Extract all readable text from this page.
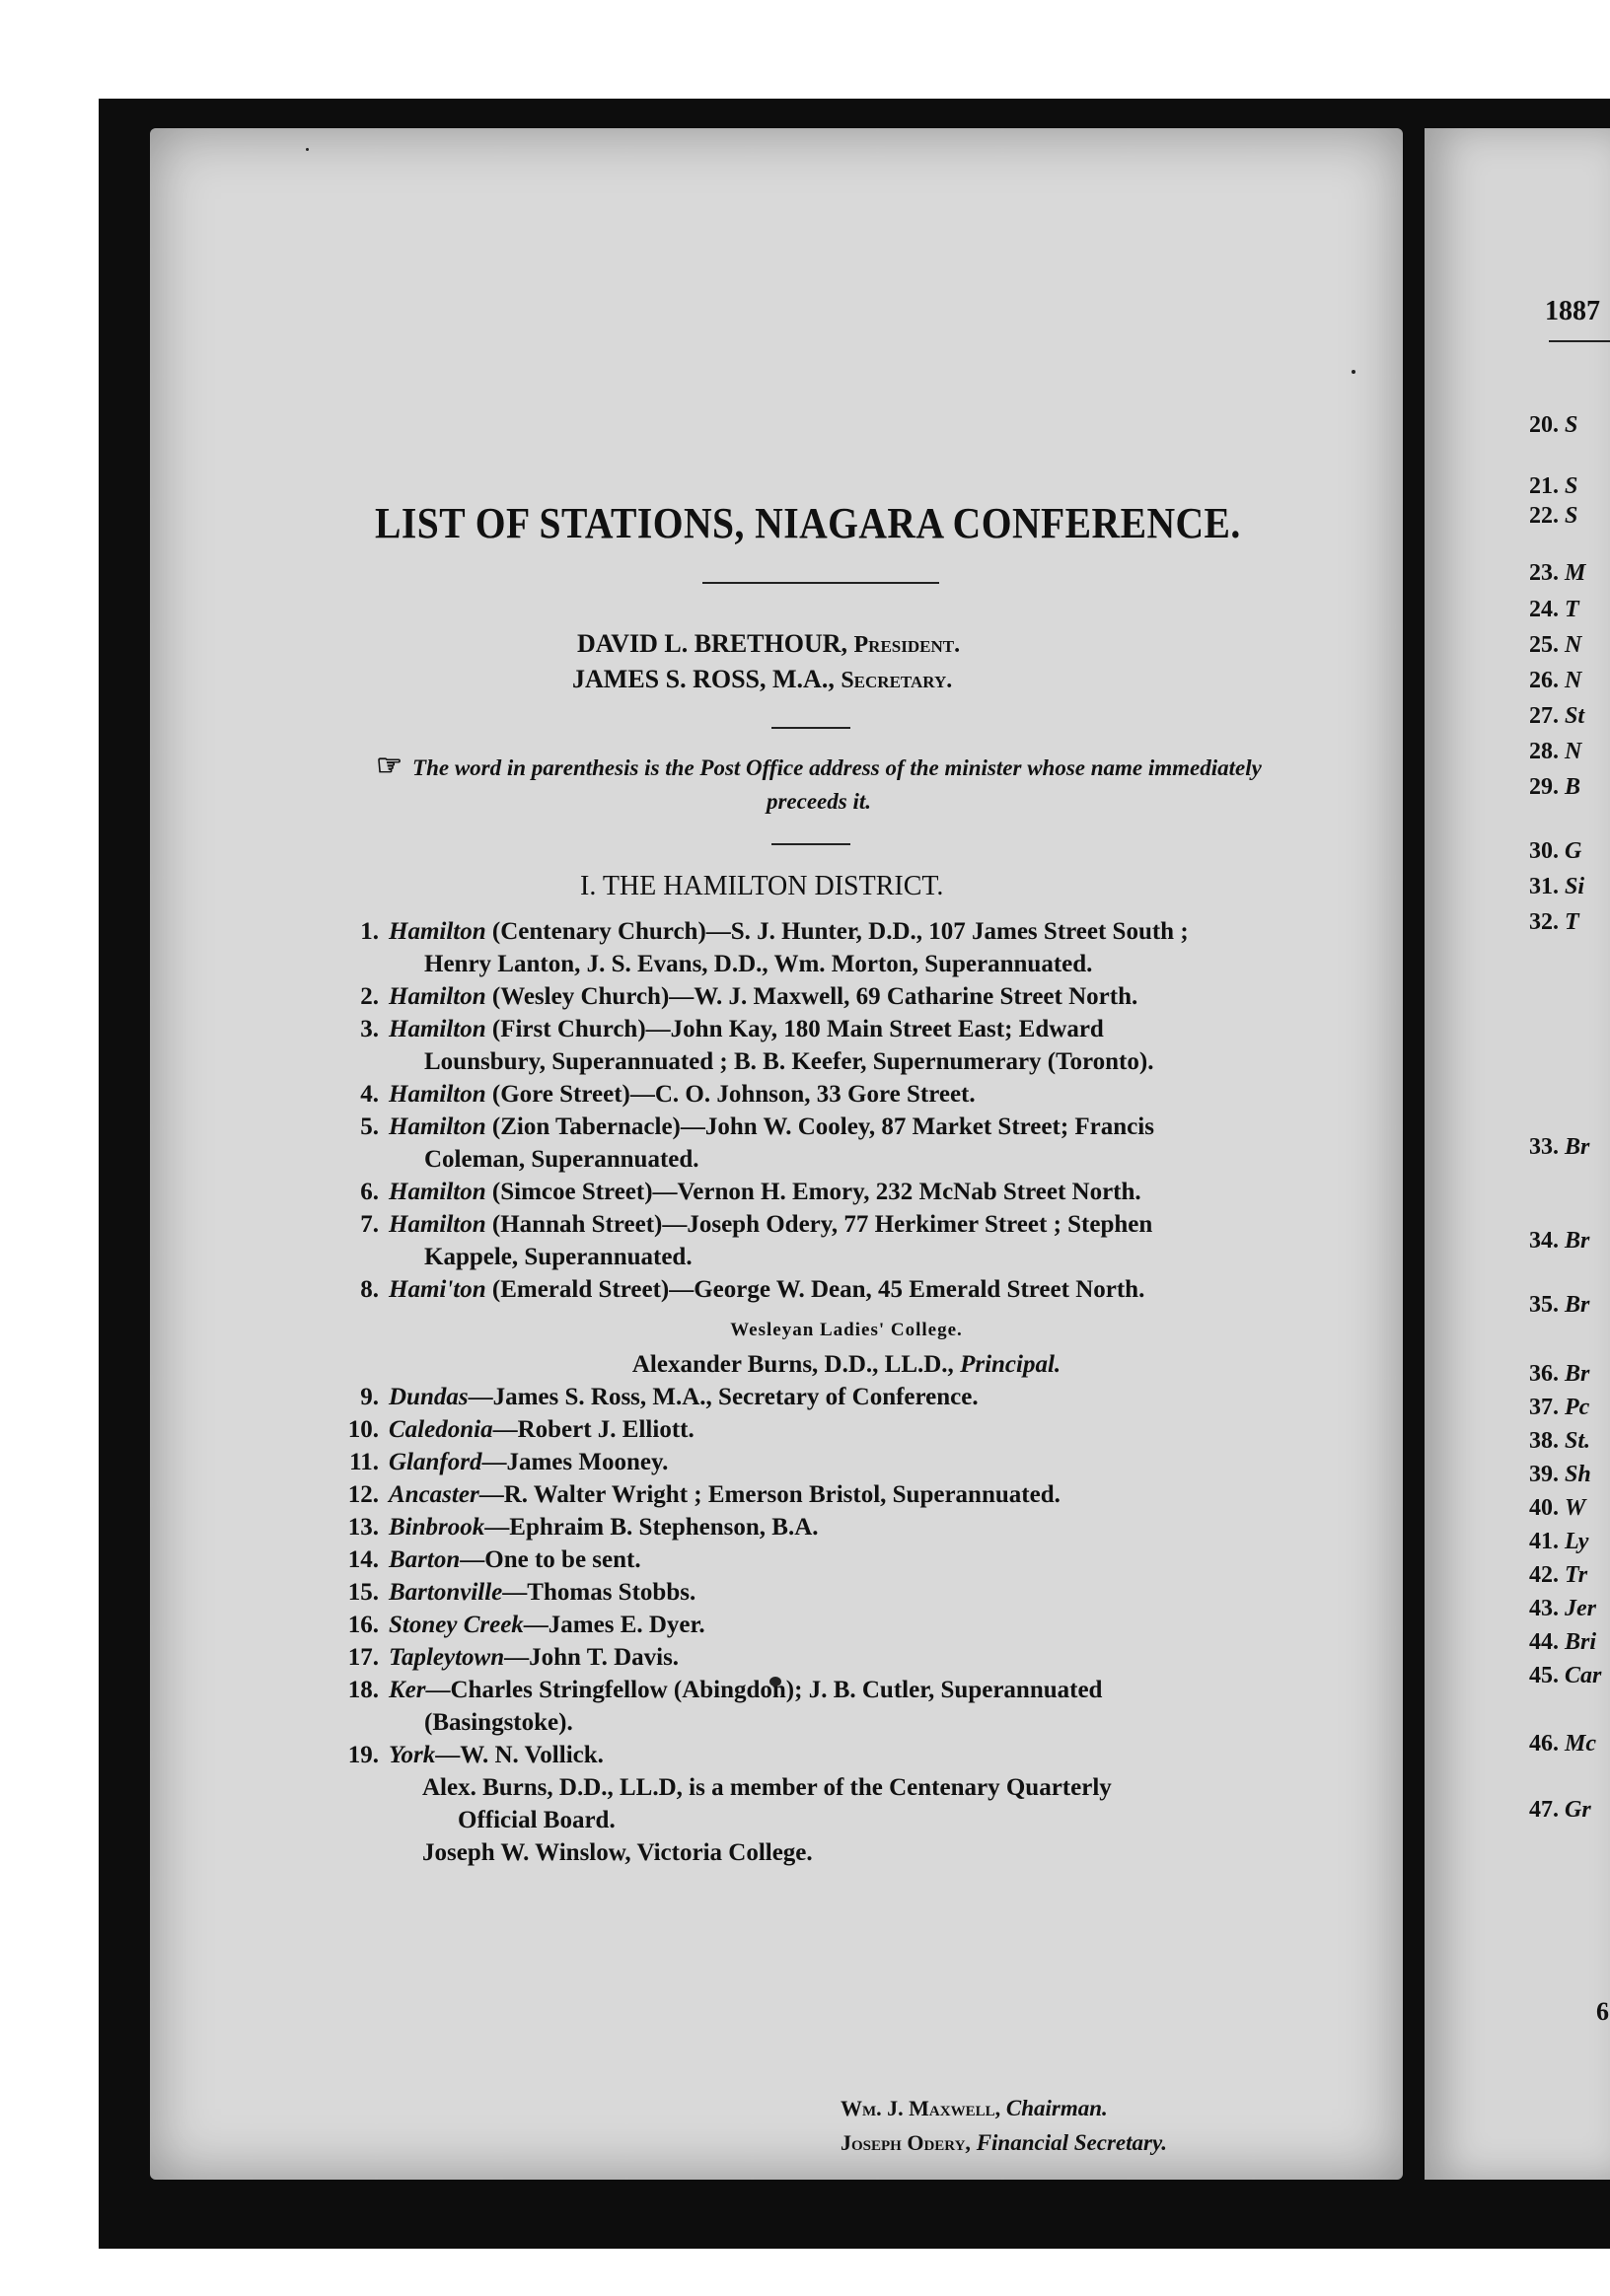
LIST OF STATIONS, NIAGARA CONFERENCE.
DAVID L. BRETHOUR, President.
JAMES S. ROSS, M.A., Secretary.
☞ The word in parenthesis is the Post Office address of the minister whose name immediately preceeds it.
I. THE HAMILTON DISTRICT.
1. Hamilton (Centenary Church)—S. J. Hunter, D.D., 107 James Street South ;
Henry Lanton, J. S. Evans, D.D., Wm. Morton, Superannuated.
2. Hamilton (Wesley Church)—W. J. Maxwell, 69 Catharine Street North.
3. Hamilton (First Church)—John Kay, 180 Main Street East; Edward
Lounsbury, Superannuated ; B. B. Keefer, Supernumerary (Toronto).
4. Hamilton (Gore Street)—C. O. Johnson, 33 Gore Street.
5. Hamilton (Zion Tabernacle)—John W. Cooley, 87 Market Street; Francis
Coleman, Superannuated.
6. Hamilton (Simcoe Street)—Vernon H. Emory, 232 McNab Street North.
7. Hamilton (Hannah Street)—Joseph Odery, 77 Herkimer Street ; Stephen
Kappele, Superannuated.
8. Hami'ton (Emerald Street)—George W. Dean, 45 Emerald Street North.
Wesleyan Ladies' College.
Alexander Burns, D.D., LL.D., Principal.
9. Dundas—James S. Ross, M.A., Secretary of Conference.
10. Caledonia—Robert J. Elliott.
11. Glanford—James Mooney.
12. Ancaster—R. Walter Wright ; Emerson Bristol, Superannuated.
13. Binbrook—Ephraim B. Stephenson, B.A.
14. Barton—One to be sent.
15. Bartonville—Thomas Stobbs.
16. Stoney Creek—James E. Dyer.
17. Tapleytown—John T. Davis.
18. Ker—Charles Stringfellow (Abingdon); J. B. Cutler, Superannuated
(Basingstoke).
19. York—W. N. Vollick.
Alex. Burns, D.D., LL.D, is a member of the Centenary Quarterly
Official Board.
Joseph W. Winslow, Victoria College.
Wm. J. Maxwell, Chairman.
Joseph Odery, Financial Secretary.
1887
20. S
21. S
22. S
23. M
24. T
25. N
26. N
27. St
28. N
29. B
30. G
31. Si
32. T
33. Br
34. Br
35. Br
36. Br
37. Pc
38. St.
39. Sh
40. W
41. Ly
42. Tr
43. Jer
44. Bri
45. Car
46. Mc
47. Gr
6
